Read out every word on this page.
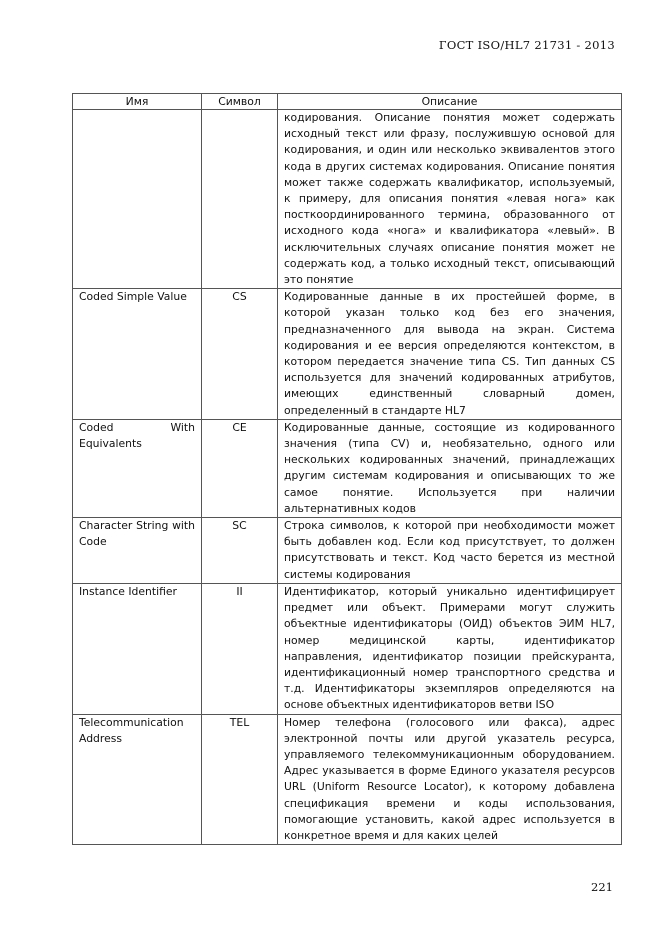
ГОСТ ISO/HL7 21731 - 2013
Имя	Символ	Описание
		кодирования. Описание понятия может содержать исходный текст или фразу, послужившую основой для кодирования, и один или несколько эквивалентов этого кода в других системах кодирования. Описание понятия может также содержать квалификатор, используемый, к примеру, для описания понятия «левая нога» как посткоординированного термина, образованного от исходного кода «нога» и квалификатора «левый». В исключительных случаях описание понятия может не содержать код, а только исходный текст, описывающий это понятие
Coded Simple Value	CS	Кодированные данные в их простейшей форме, в которой указан только код без его значения, предназначенного для вывода на экран. Система кодирования и ее версия определяются контекстом, в котором передается значение типа CS. Тип данных CS используется для значений кодированных атрибутов, имеющих единственный словарный домен, определенный в стандарте HL7
Coded With Equivalents	CE	Кодированные данные, состоящие из кодированного значения (типа CV) и, необязательно, одного или нескольких кодированных значений, принадлежащих другим системам кодирования и описывающих то же самое понятие. Используется при наличии альтернативных кодов
Character String with Code	SC	Строка символов, к которой при необходимости может быть добавлен код. Если код присутствует, то должен присутствовать и текст. Код часто берется из местной системы кодирования
Instance Identifier	II	Идентификатор, который уникально идентифицирует предмет или объект. Примерами могут служить объектные идентификаторы (ОИД) объектов ЭИМ HL7, номер медицинской карты, идентификатор направления, идентификатор позиции прейскуранта, идентификационный номер транспортного средства и т.д. Идентификаторы экземпляров определяются на основе объектных идентификаторов ветви ISO
Telecommunication Address	TEL	Номер телефона (голосового или факса), адрес электронной почты или другой указатель ресурса, управляемого телекоммуникационным оборудованием. Адрес указывается в форме Единого указателя ресурсов URL (Uniform Resource Locator), к которому добавлена спецификация времени и коды использования, помогающие установить, какой адрес используется в конкретное время и для каких целей
221
